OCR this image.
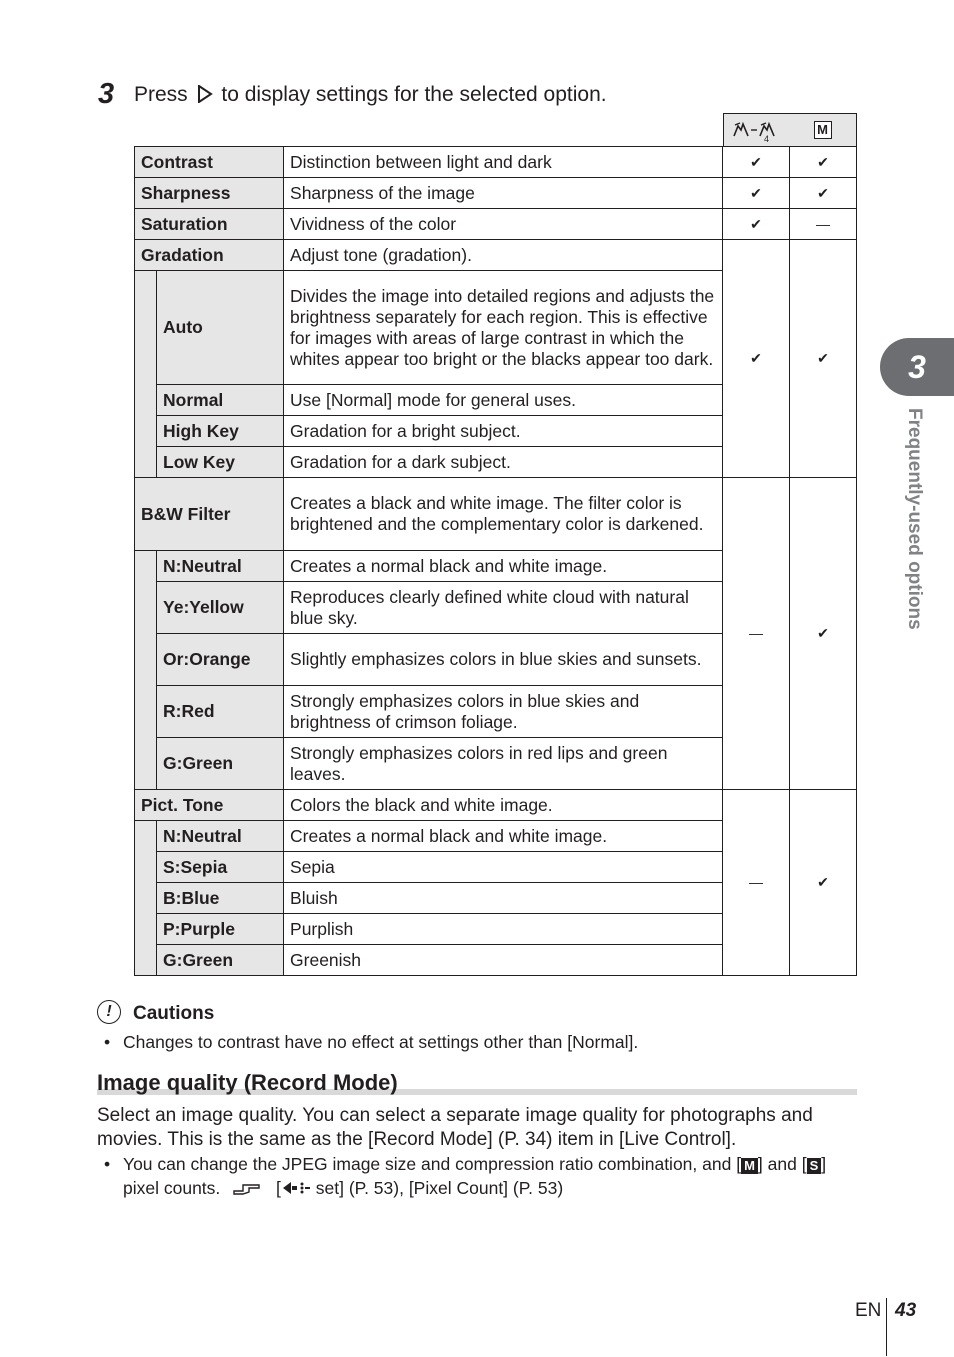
3 Press to display settings for the selected option.
4
M
Contrast		Distinction between light and dark	✔	✔
Sharpness		Sharpness of the image	✔	✔
Saturation		Vividness of the color	✔	—
Gradation		Adjust tone (gradation).	✔	✔
	Auto	Divides the image into detailed regions and adjusts the brightness separately for each region. This is effective for images with areas of large contrast in which the whites appear too bright or the blacks appear too dark.		
	Normal	Use [Normal] mode for general uses.		
	High Key	Gradation for a bright subject.		
	Low Key	Gradation for a dark subject.		
B&W Filter		Creates a black and white image. The filter color is brightened and the complementary color is darkened.	—	✔
	N:Neutral	Creates a normal black and white image.		
	Ye:Yellow	Reproduces clearly defined white cloud with natural blue sky.		
	Or:Orange	Slightly emphasizes colors in blue skies and sunsets.		
	R:Red	Strongly emphasizes colors in blue skies and brightness of crimson foliage.		
	G:Green	Strongly emphasizes colors in red lips and green leaves.		
Pict. Tone		Colors the black and white image.	—	✔
	N:Neutral	Creates a normal black and white image.		
	S:Sepia	Sepia		
	B:Blue	Bluish		
	P:Purple	Purplish		
	G:Green	Greenish		
3
Frequently-used options
!	Cautions
• Changes to contrast have no effect at settings other than [Normal].
Image quality (Record Mode)
Select an image quality. You can select a separate image quality for photographs and movies. This is the same as the [Record Mode] (P. 34) item in [Live Control].
• You can change the JPEG image size and compression ratio combination, and [ M ] and [ S ] pixel counts.	[ set] (P. 53), [Pixel Count] (P. 53)
EN 43
